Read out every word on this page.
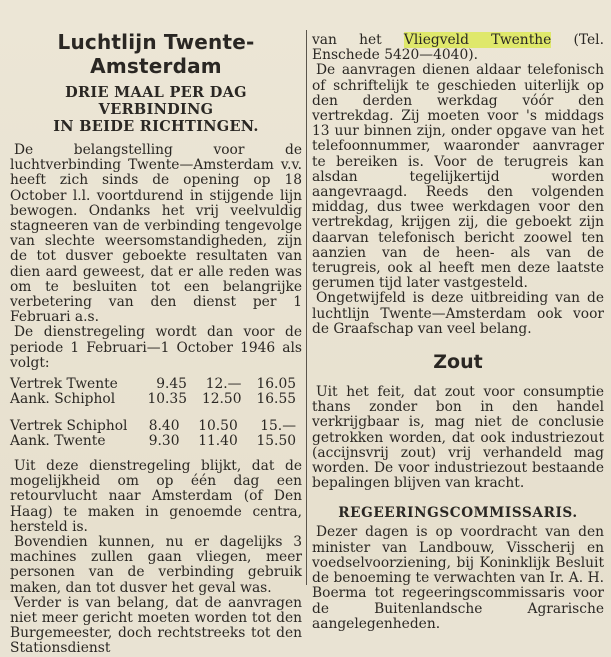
Luchtlijn Twente-Amsterdam
DRIE MAAL PER DAG VERBINDING
IN BEIDE RICHTINGEN.

De belangstelling voor de luchtverbinding Twente—Amsterdam v.v. heeft zich sinds de opening op 18 October l.l. voortdurend in stijgende lijn bewogen. Ondanks het vrij veelvuldig stagneeren van de verbinding tengevolge van slechte weersomstandigheden, zijn de tot dusver geboekte resultaten van dien aard geweest, dat er alle reden was om te besluiten tot een belangrijke verbetering van den dienst per 1 Februari a.s.

De dienstregeling wordt dan voor de periode 1 Februari—1 October 1946 als volgt:

Vertrek Twente	9.45	12.—	16.05
Aank. Schiphol	10.35	12.50	16.55
Vertrek Schiphol	8.40	10.50	15.—
Aank. Twente	9.30	11.40	15.50

Uit deze dienstregeling blijkt, dat de mogelijkheid om op één dag een retourvlucht naar Amsterdam (of Den Haag) te maken in genoemde centra, hersteld is.

Bovendien kunnen, nu er dagelijks 3 machines zullen gaan vliegen, meer personen van de verbinding gebruik maken, dan tot dusver het geval was.

Verder is van belang, dat de aanvragen niet meer gericht moeten worden tot den Burgemeester, doch rechtstreeks tot den Stationsdienst

van het Vliegveld Twenthe (Tel. Enschede 5420—4040).

De aanvragen dienen aldaar telefonisch of schriftelijk te geschieden uiterlijk op den derden werkdag vóór den vertrekdag. Zij moeten voor 's middags 13 uur binnen zijn, onder opgave van het telefoonnummer, waaronder aanvrager te bereiken is. Voor de terugreis kan alsdan tegelijkertijd worden aangevraagd. Reeds den volgenden middag, dus twee werkdagen voor den vertrekdag, krijgen zij, die geboekt zijn daarvan telefonisch bericht zoowel ten aanzien van de heen- als van de terugreis, ook al heeft men deze laatste gerumen tijd later vastgesteld.

Ongetwijfeld is deze uitbreiding van de luchtlijn Twente—Amsterdam ook voor de Graafschap van veel belang.

Zout

Uit het feit, dat zout voor consumptie thans zonder bon in den handel verkrijgbaar is, mag niet de conclusie getrokken worden, dat ook industriezout (accijnsvrij zout) vrij verhandeld mag worden. De voor industriezout bestaande bepalingen blijven van kracht.

REGEERINGSCOMMISSARIS.

Dezer dagen is op voordracht van den minister van Landbouw, Visscherij en voedselvoorziening, bij Koninklijk Besluit de benoeming te verwachten van Ir. A. H. Boerma tot regeeringscommissaris voor de Buitenlandsche Agrarische aangelegenheden.
